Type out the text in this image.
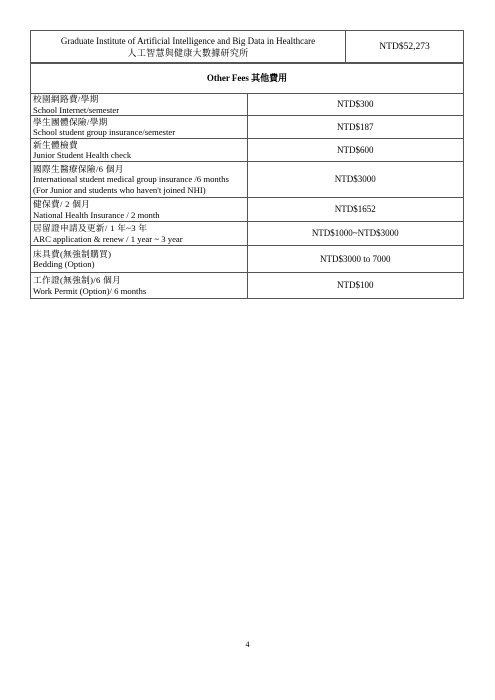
Graduate Institute of Artificial Intelligence and Big Data in Healthcare
人工智慧與健康大數據研究所
	NTD$52,273
Other Fees 其他費用	

校園網路費/學期
School Internet/semester	NTD$300

學生團體保險/學期
School student group insurance/semester	NTD$187

新生體檢費
Junior Student Health check	NTD$600

國際生醫療保險/6 個月
International student medical group insurance /6 months
(For Junior and students who haven't joined NHI)	NTD$3000

健保費/ 2 個月
National Health Insurance / 2 month	NTD$1652

居留證申請及更新/ 1 年~3 年
ARC application & renew / 1 year ~ 3 year	NTD$1000~NTD$3000

床具費(無強制購買)
Bedding (Option)	NTD$3000 to 7000

工作證(無強制)/6 個月
Work Permit (Option)/ 6 months	NTD$100
4
